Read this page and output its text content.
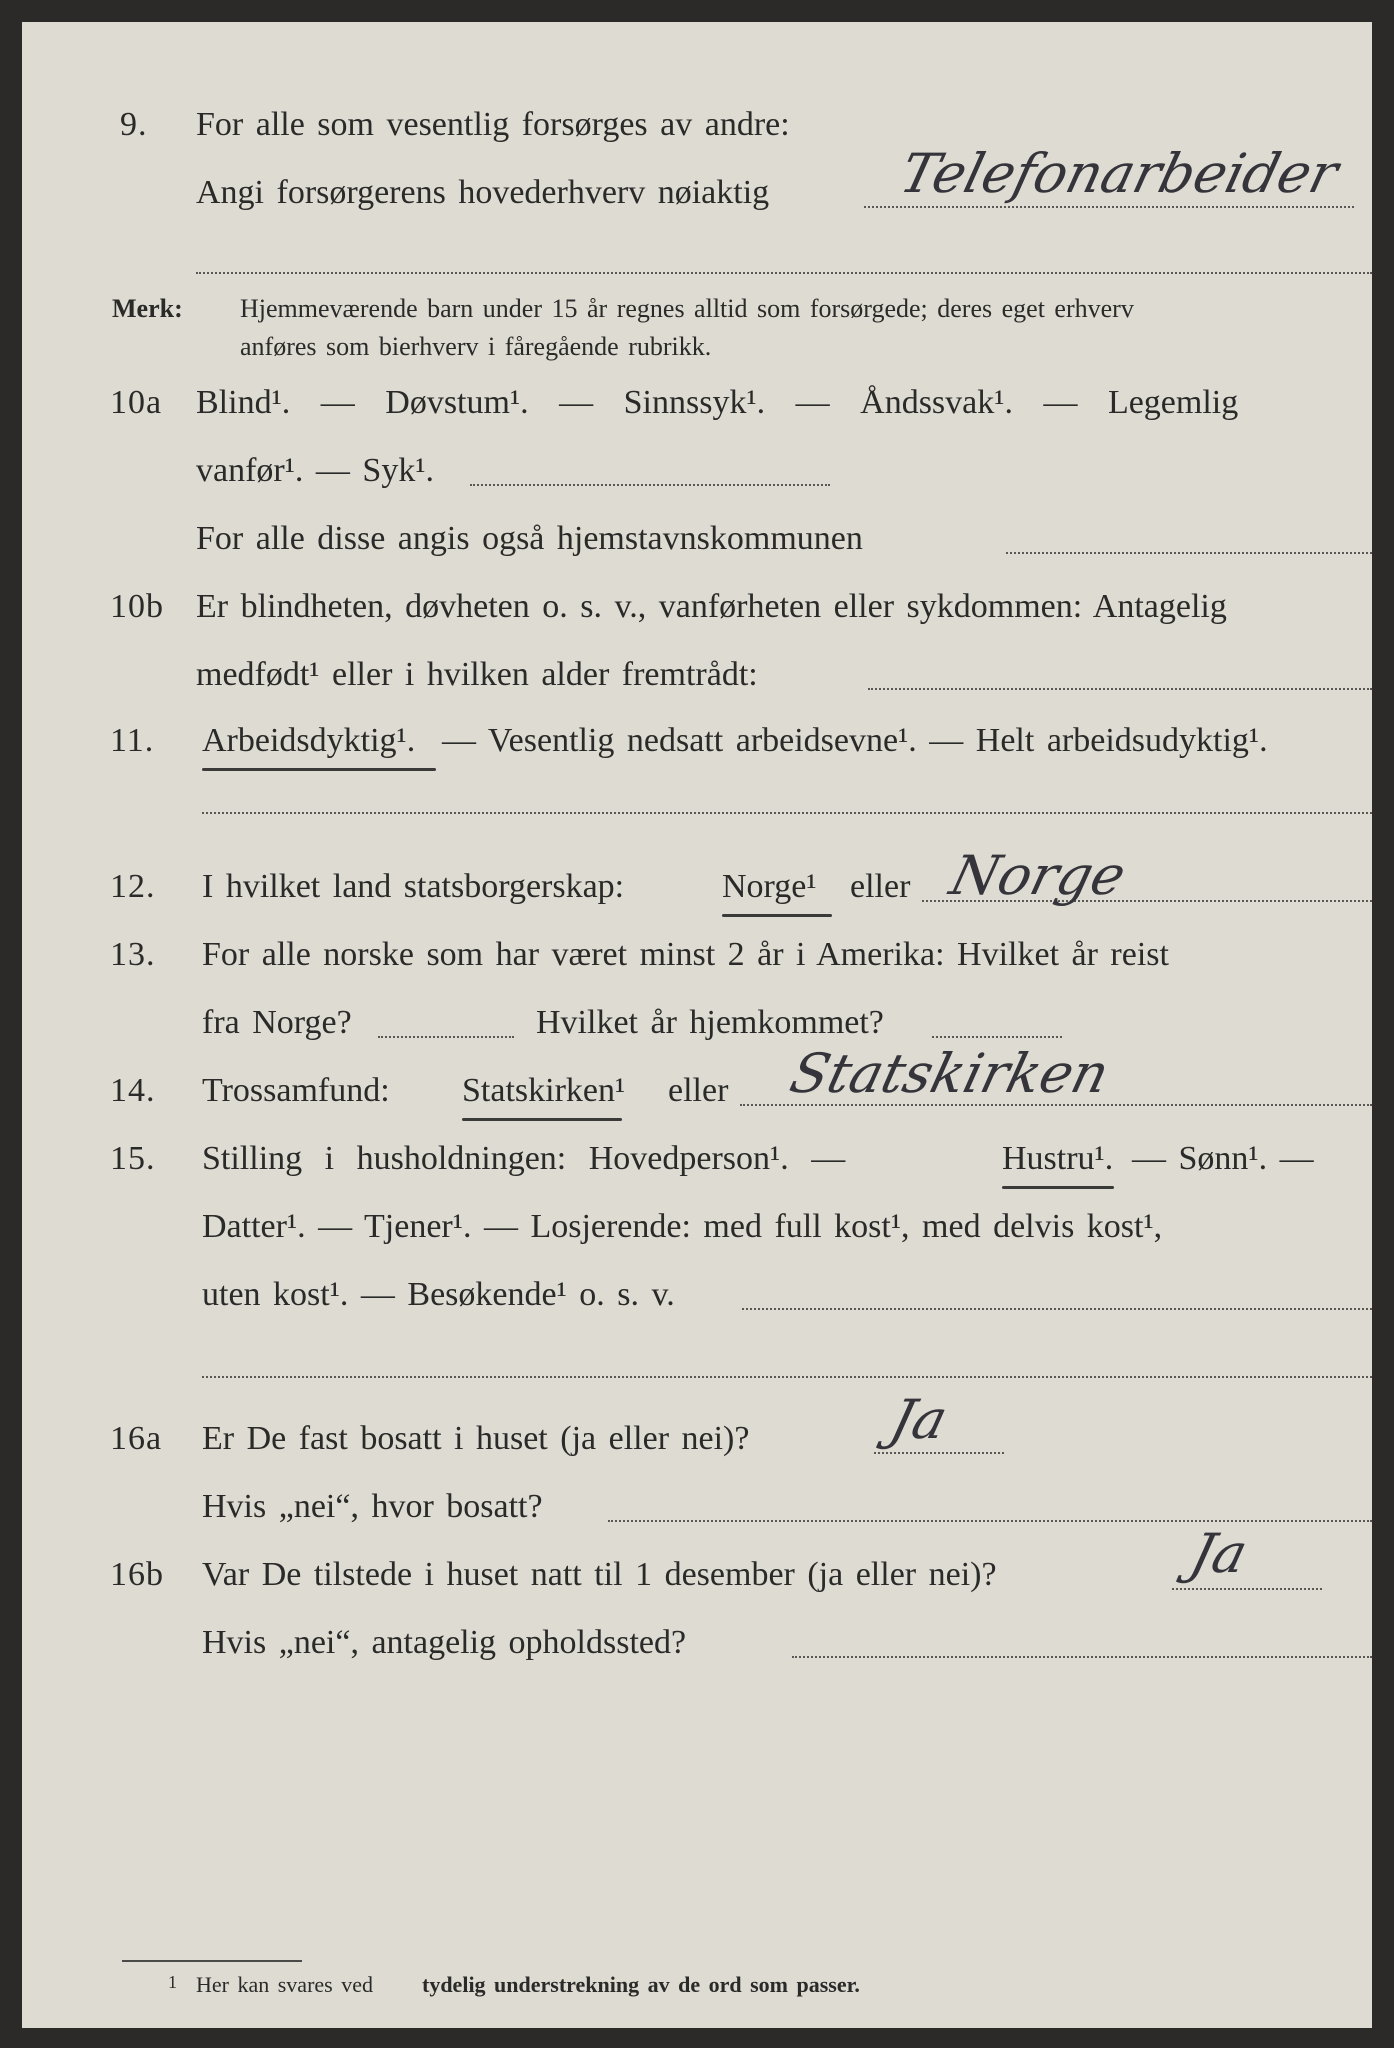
9. For alle som vesentlig forsørges av andre:
Angi forsørgerens hovederhverv nøiaktig Telefonarbeider
Merk: Hjemmeværende barn under 15 år regnes alltid som forsørgede; deres eget erhverv
anføres som bierhverv i fåregående rubrikk.
10a Blind¹. — Døvstum¹. — Sinnssyk¹. — Åndssvak¹. — Legemlig
vanfør¹. — Syk¹.
For alle disse angis også hjemstavnskommunen
10b Er blindheten, døvheten o. s. v., vanførheten eller sykdommen: Antagelig
medfødt¹ eller i hvilken alder fremtrådt:
11. Arbeidsdyktig¹. — Vesentlig nedsatt arbeidsevne¹. — Helt arbeidsudyktig¹.
12. I hvilket land statsborgerskap:	Norge¹ eller Norge
13. For alle norske som har været minst 2 år i Amerika: Hvilket år reist
fra Norge?	Hvilket år hjemkommet?
14. Trossamfund: Statskirken¹ eller Statskirken
15. Stilling i husholdningen: Hovedperson¹. —	Hustru¹. — Sønn¹. —
Datter¹. — Tjener¹. — Losjerende: med full kost¹, med delvis kost¹,
uten kost¹. — Besøkende¹ o. s. v.
16a Er De fast bosatt i huset (ja eller nei)? Ja
Hvis „nei“, hvor bosatt?
16b Var De tilstede i huset natt til 1 desember (ja eller nei)?	Ja
Hvis „nei“, antagelig opholdssted?
1 Her kan svares ved tydelig understrekning av de ord som passer.
